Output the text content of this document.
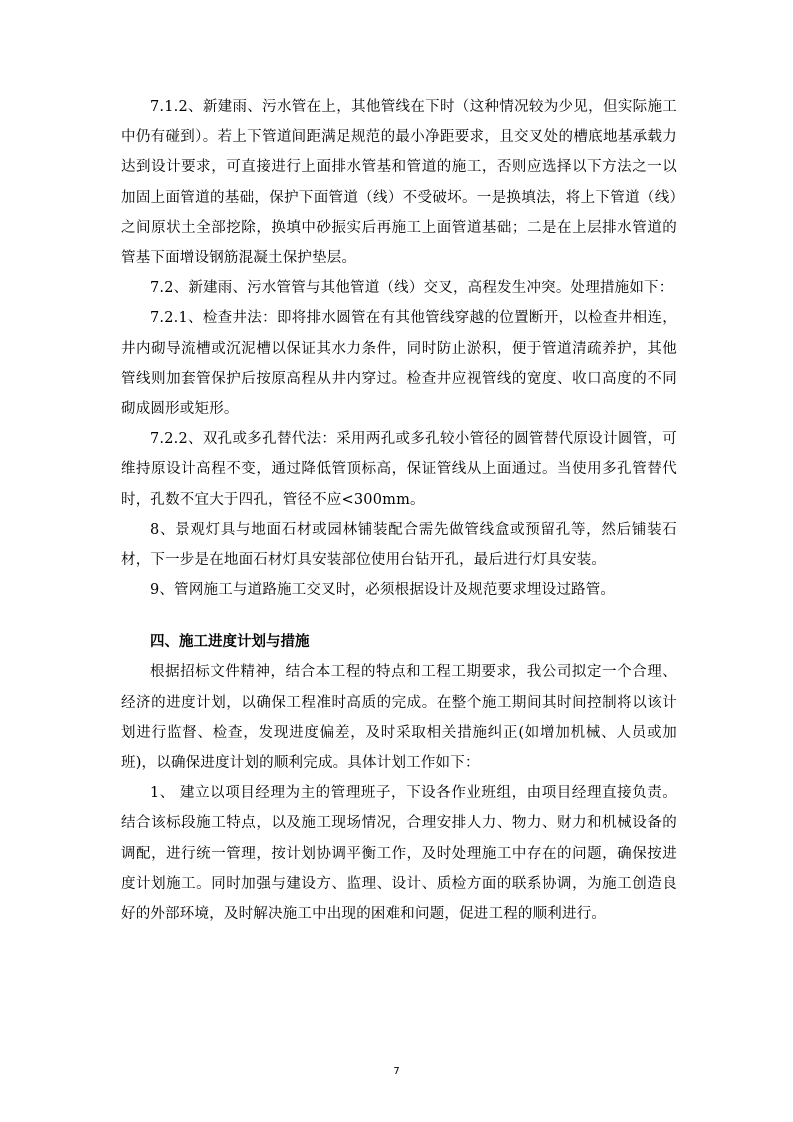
7.1.2、新建雨、污水管在上，其他管线在下时（这种情况较为少见，但实际施工中仍有碰到）。若上下管道间距满足规范的最小净距要求，且交叉处的槽底地基承载力达到设计要求，可直接进行上面排水管基和管道的施工，否则应选择以下方法之一以加固上面管道的基础，保护下面管道（线）不受破坏。一是换填法，将上下管道（线）之间原状土全部挖除，换填中砂振实后再施工上面管道基础；二是在上层排水管道的管基下面增设钢筋混凝土保护垫层。

7.2、新建雨、污水管管与其他管道（线）交叉，高程发生冲突。处理措施如下：

7.2.1、检查井法：即将排水圆管在有其他管线穿越的位置断开，以检查井相连，井内砌导流槽或沉泥槽以保证其水力条件，同时防止淤积，便于管道清疏养护，其他管线则加套管保护后按原高程从井内穿过。检查井应视管线的宽度、收口高度的不同砌成圆形或矩形。

7.2.2、双孔或多孔替代法：采用两孔或多孔较小管径的圆管替代原设计圆管，可维持原设计高程不变，通过降低管顶标高，保证管线从上面通过。当使用多孔管替代时，孔数不宜大于四孔，管径不应<300mm。

8、景观灯具与地面石材或园林铺装配合需先做管线盒或预留孔等，然后铺装石材，下一步是在地面石材灯具安装部位使用台钻开孔，最后进行灯具安装。

9、管网施工与道路施工交叉时，必须根据设计及规范要求埋设过路管。

四、施工进度计划与措施

根据招标文件精神，结合本工程的特点和工程工期要求，我公司拟定一个合理、经济的进度计划，以确保工程准时高质的完成。在整个施工期间其时间控制将以该计划进行监督、检查，发现进度偏差，及时采取相关措施纠正(如增加机械、人员或加班)，以确保进度计划的顺利完成。具体计划工作如下：

1、 建立以项目经理为主的管理班子，下设各作业班组，由项目经理直接负责。结合该标段施工特点，以及施工现场情况，合理安排人力、物力、财力和机械设备的调配，进行统一管理，按计划协调平衡工作，及时处理施工中存在的问题，确保按进度计划施工。同时加强与建设方、监理、设计、质检方面的联系协调，为施工创造良好的外部环境，及时解决施工中出现的困难和问题，促进工程的顺利进行。

7
